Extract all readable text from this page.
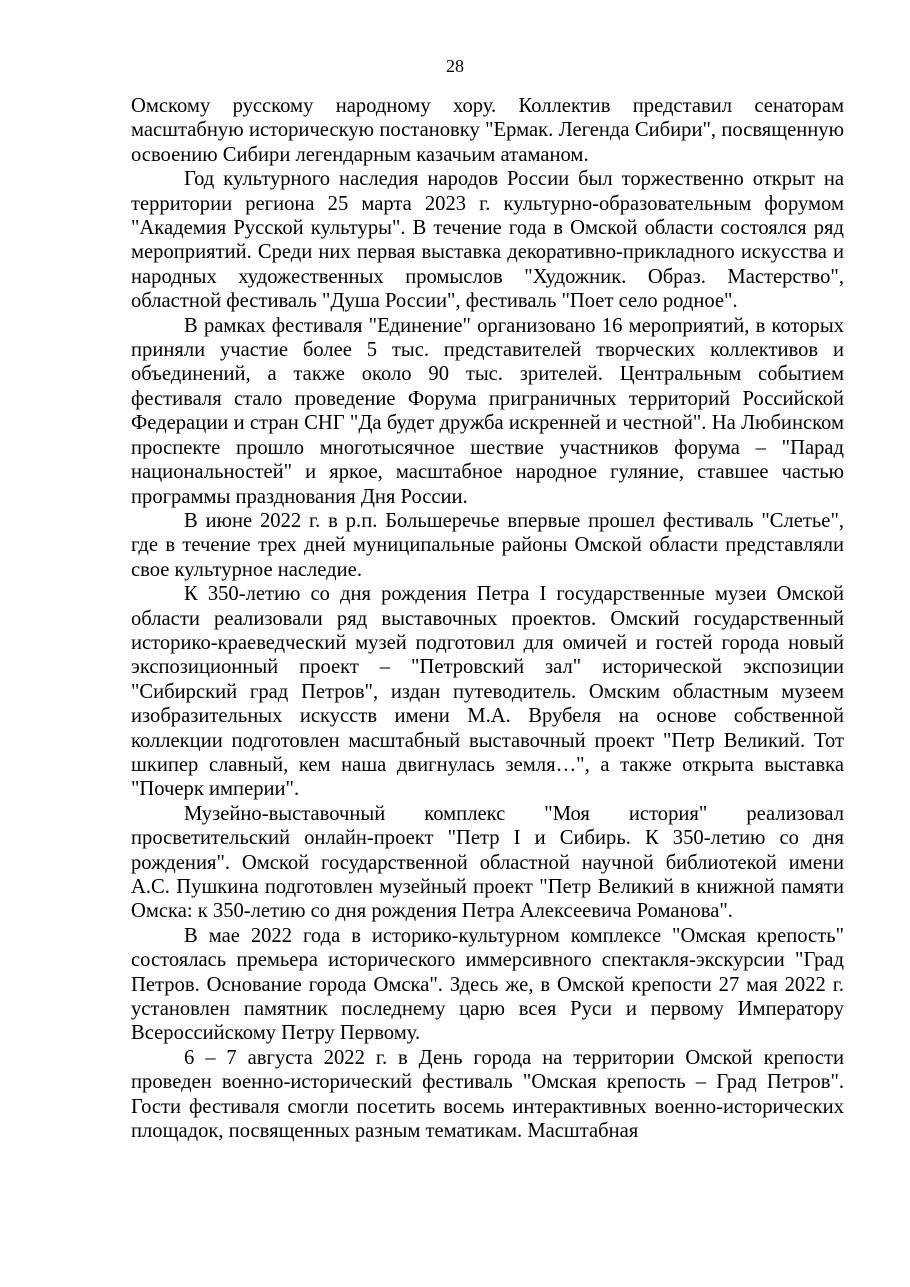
28

Омскому русскому народному хору. Коллектив представил сенаторам масштабную историческую постановку "Ермак. Легенда Сибири", посвященную освоению Сибири легендарным казачьим атаманом.

Год культурного наследия народов России был торжественно открыт на территории региона 25 марта 2023 г. культурно-образовательным форумом "Академия Русской культуры". В течение года в Омской области состоялся ряд мероприятий. Среди них первая выставка декоративно-прикладного искусства и народных художественных промыслов "Художник. Образ. Мастерство", областной фестиваль "Душа России", фестиваль "Поет село родное".

В рамках фестиваля "Единение" организовано 16 мероприятий, в которых приняли участие более 5 тыс. представителей творческих коллективов и объединений, а также около 90 тыс. зрителей. Центральным событием фестиваля стало проведение Форума приграничных территорий Российской Федерации и стран СНГ "Да будет дружба искренней и честной". На Любинском проспекте прошло многотысячное шествие участников форума – "Парад национальностей" и яркое, масштабное народное гуляние, ставшее частью программы празднования Дня России.

В июне 2022 г. в р.п. Большеречье впервые прошел фестиваль "Слетье", где в течение трех дней муниципальные районы Омской области представляли свое культурное наследие.

К 350-летию со дня рождения Петра I государственные музеи Омской области реализовали ряд выставочных проектов. Омский государственный историко-краеведческий музей подготовил для омичей и гостей города новый экспозиционный проект – "Петровский зал" исторической экспозиции "Сибирский град Петров", издан путеводитель. Омским областным музеем изобразительных искусств имени М.А. Врубеля на основе собственной коллекции подготовлен масштабный выставочный проект "Петр Великий. Тот шкипер славный, кем наша двигнулась земля…", а также открыта выставка "Почерк империи".

Музейно-выставочный комплекс "Моя история" реализовал просветительский онлайн-проект "Петр I и Сибирь. К 350-летию со дня рождения". Омской государственной областной научной библиотекой имени А.С. Пушкина подготовлен музейный проект "Петр Великий в книжной памяти Омска: к 350-летию со дня рождения Петра Алексеевича Романова".

В мае 2022 года в историко-культурном комплексе "Омская крепость" состоялась премьера исторического иммерсивного спектакля-экскурсии "Град Петров. Основание города Омска". Здесь же, в Омской крепости 27 мая 2022 г. установлен памятник последнему царю всея Руси и первому Императору Всероссийскому Петру Первому.

6 – 7 августа 2022 г. в День города на территории Омской крепости проведен военно-исторический фестиваль "Омская крепость – Град Петров". Гости фестиваля смогли посетить восемь интерактивных военно-исторических площадок, посвященных разным тематикам. Масштабная
